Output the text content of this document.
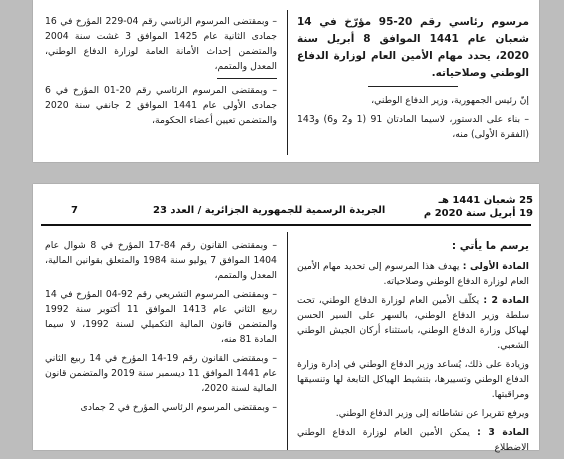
– وبمقتضى المرسوم الرئاسي رقم 04-229 المؤرخ في 16 جمادى الثانية عام 1425 الموافق 3 غشت سنة 2004 والمتضمن إحداث الأمانة العامة لوزارة الدفاع الوطني، المعدل والمتمم،

– وبمقتضى المرسوم الرئاسي رقم 20-01 المؤرخ في 6 جمادى الأولى عام 1441 الموافق 2 جانفي سنة 2020 والمتضمن تعيين أعضاء الحكومة،

مرسوم رئاسي رقم 20-95 مؤرّخ في 14 شعبان عام 1441 الموافق 8 أبريل سنة 2020، يحدد مهام الأمين العام لوزارة الدفاع الوطني وصلاحياته.

إنّ رئيس الجمهورية، وزير الدفاع الوطني،

– بناء على الدستور، لاسيما المادتان 91 (1 و2 و6) و143 (الفقرة الأولى) منه،

25 شعبان 1441 هـ
19 أبريل سنة 2020 م
الجريدة الرسمية للجمهورية الجزائرية / العدد 23
7

– وبمقتضى القانون رقم 84-17 المؤرخ في 8 شوال عام 1404 الموافق 7 يوليو سنة 1984 والمتعلق بقوانين المالية، المعدل والمتمم،

– وبمقتضى المرسوم التشريعي رقم 92-04 المؤرخ في 14 ربيع الثاني عام 1413 الموافق 11 أكتوبر سنة 1992 والمتضمن قانون المالية التكميلي لسنة 1992، لا سيما المادة 81 منه،

– وبمقتضى القانون رقم 19-14 المؤرخ في 14 ربيع الثاني عام 1441 الموافق 11 ديسمبر سنة 2019 والمتضمن قانون المالية لسنة 2020،

– وبمقتضى المرسوم الرئاسي المؤرخ في 2 جمادى

يرسم ما يأتي :

المادة الأولى : يهدف هذا المرسوم إلى تحديد مهام الأمين العام لوزارة الدفاع الوطني وصلاحياته.

المادة 2 : يكلّف الأمين العام لوزارة الدفاع الوطني، تحت سلطة وزير الدفاع الوطني، بالسهر على السير الحسن لهياكل وزارة الدفاع الوطني، باستثناء أركان الجيش الوطني الشعبي.

وزيادة على ذلك، يُساعد وزير الدفاع الوطني في إدارة وزارة الدفاع الوطني وتسييرها، بتنشيط الهياكل التابعة لها وتنسيقها ومراقبتها.

ويرفع تقريرا عن نشاطاته إلى وزير الدفاع الوطني.

المادة 3 : يمكن الأمين العام لوزارة الدفاع الوطني الاضطلاع
